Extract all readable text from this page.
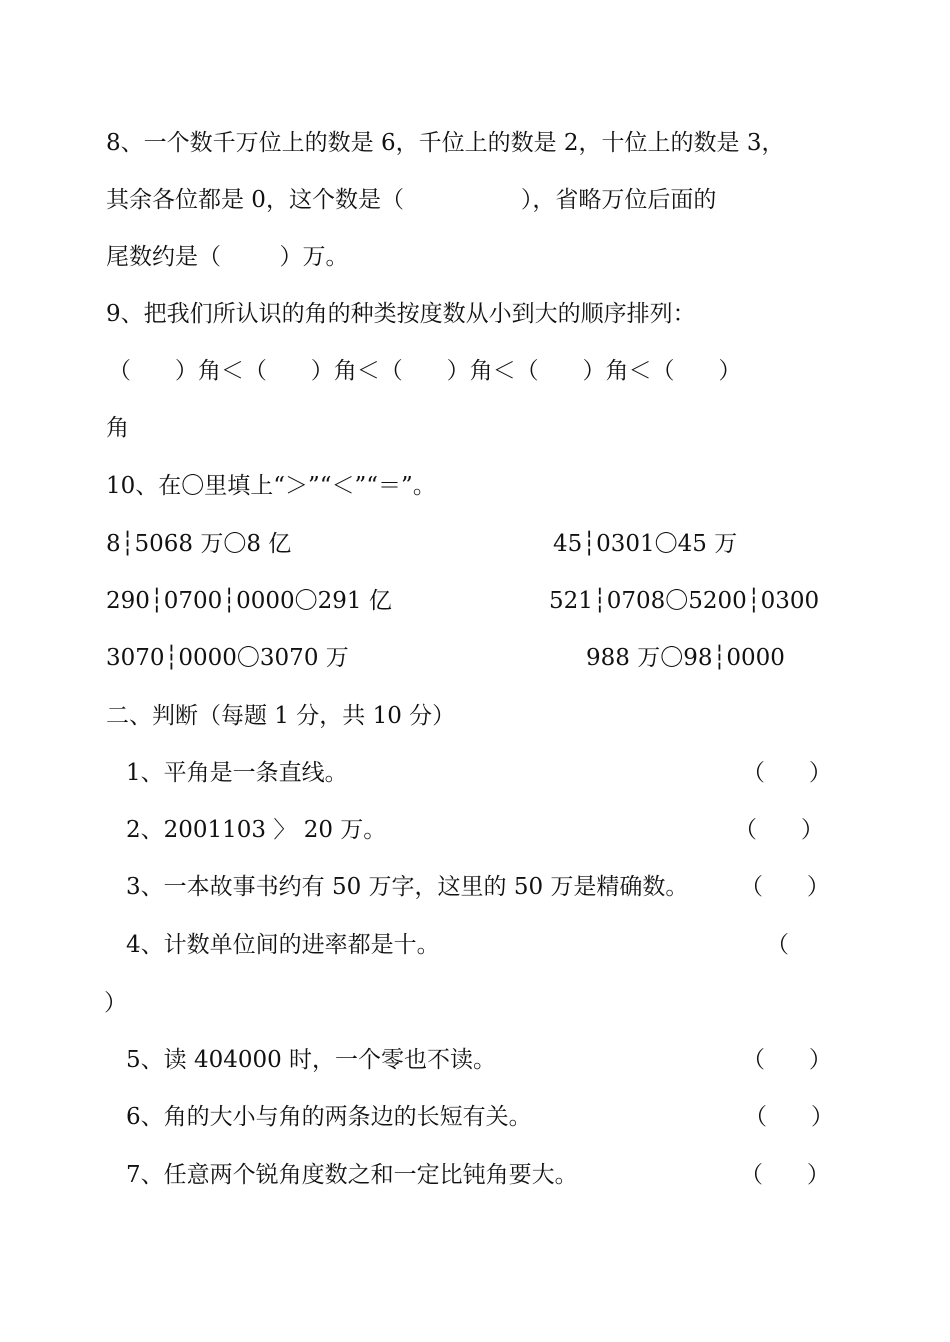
8、一个数千万位上的数是 6，千位上的数是 2，十位上的数是 3，
其余各位都是 0，这个数是（                ），省略万位后面的
尾数约是（        ）万。
9、把我们所认识的角的种类按度数从小到大的顺序排列：
（      ）角＜（      ）角＜（      ）角＜（      ）角＜（      ）
角
10、在〇里填上“＞”“＜”“＝”。
8┆5068 万〇8 亿	45┆0301〇45 万
290┆0700┆0000〇291 亿	521┆0708〇5200┆0300
3070┆0000〇3070 万	988 万〇98┆0000
二、判断（每题 1 分，共 10 分）
1、平角是一条直线。	（      ）
2、2001103 〉 20 万。	（      ）
3、一本故事书约有 50 万字，这里的 50 万是精确数。 （      ）
4、计数单位间的进率都是十。	（
）
5、读 404000 时，一个零也不读。	（      ）
6、角的大小与角的两条边的长短有关。	（      ）
7、任意两个锐角度数之和一定比钝角要大。	（      ）
